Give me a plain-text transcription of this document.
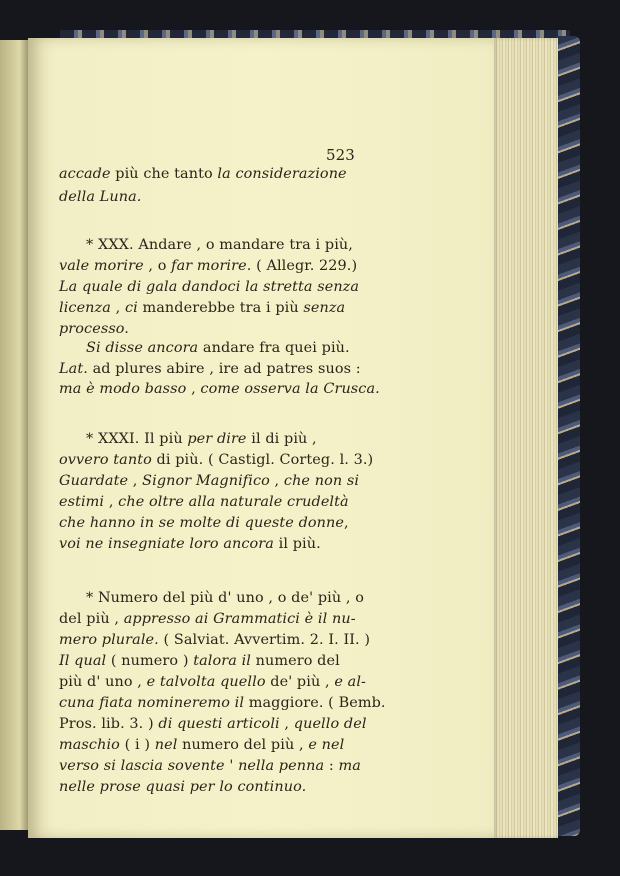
523
accade più che tanto la considerazione
della Luna.
* XXX. Andare , o mandare tra i più,
vale morire , o far morire. ( Allegr. 229.)
La quale di gala dandoci la stretta senza
licenza , ci manderebbe tra i più senza
processo.
Si disse ancora andare fra quei più.
Lat. ad plures abire , ire ad patres suos :
ma è modo basso , come osserva la Crusca.
* XXXI. Il più per dire il di più ,
ovvero tanto di più. ( Castigl. Corteg. l. 3.)
Guardate , Signor Magnifico , che non si
estimi , che oltre alla naturale crudeltà
che hanno in se molte di queste donne,
voi ne insegniate loro ancora il più.
* Numero del più d' uno , o de' più , o
del più , appresso ai Grammatici è il nu-
mero plurale. ( Salviat. Avvertim. 2. I. II. )
Il qual ( numero ) talora il numero del
più d' uno , e talvolta quello de' più , e al-
cuna fiata nomineremo il maggiore. ( Bemb.
Pros. lib. 3. ) di questi articoli , quello del
maschio ( i ) nel numero del più , e nel
verso si lascia sovente ' nella penna : ma
nelle prose quasi per lo continuo.
